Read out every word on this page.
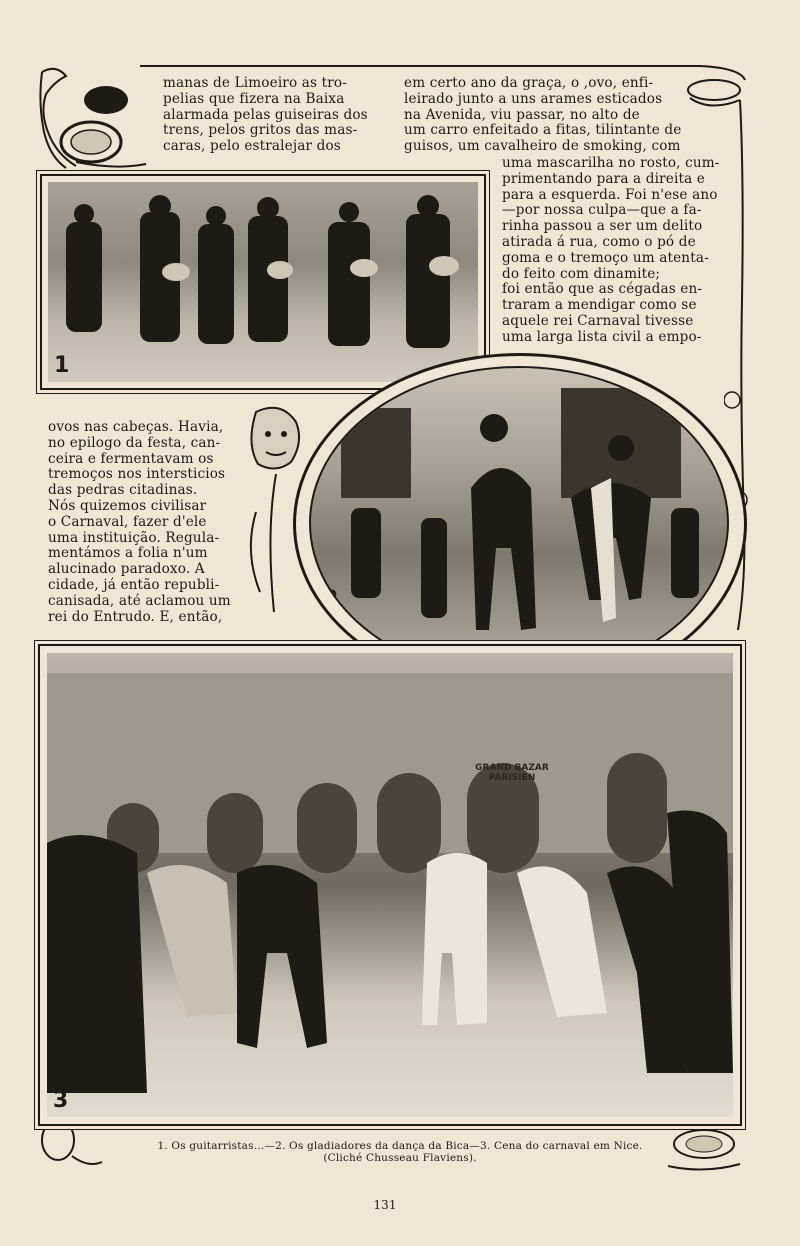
manas de Limoeiro as tro-

pelias que fizera na Baixa

alarmada pelas guiseiras dos

trens, pelos gritos das mas-

caras, pelo estralejar dos

em certo ano da graça, o ,ovo, enfi-

leirado junto a uns arames esticados

na Avenida, viu passar, no alto de

um carro enfeitado a fitas, tilintante de

guisos, um cavalheiro de smoking, com

1

uma mascarilha no rosto, cum-

primentando para a direita e

para a esquerda. Foi n'ese ano

—por nossa culpa—que a fa-

rinha passou a ser um delito

atirada á rua, como o pó de

goma e o tremoço um atenta-

do feito com dinamite;

foi então que as cégadas en-

traram a mendigar como se

aquele rei Carnaval tivesse

uma larga lista civil a empo-

ovos nas cabeças. Havia,

no epilogo da festa, can-

ceira e fermentavam os

tremoços nos intersticios

das pedras citadinas.

Nós quizemos civilisar

o Carnaval, fazer d'ele

uma instituição. Regula-

mentámos a folia n'um

alucinado paradoxo. A

cidade, já então republi-

canisada, até aclamou um

rei do Entrudo. E, então,

2
GRAND BAZAR PARISIEN
3
1. Os guitarristas…—2. Os gladiadores da dança da Bica—3. Cena do carnaval em Nice.
(Cliché Chusseau Flaviens).
131
